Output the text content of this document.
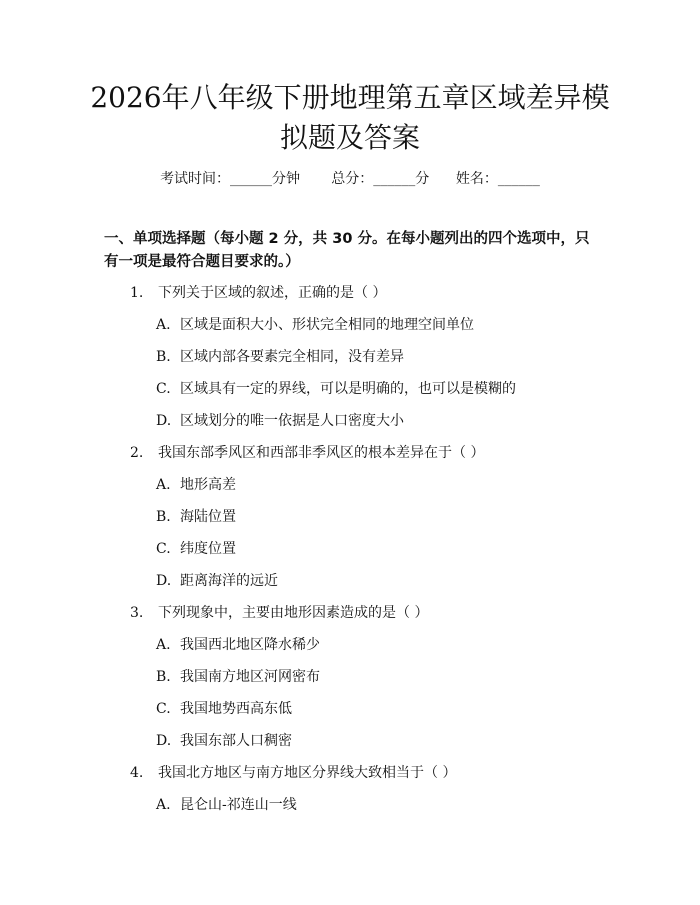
2026年八年级下册地理第五章区域差异模拟题及答案
考试时间：______分钟 总分：______分 姓名：______
一、单项选择题（每小题 2 分，共 30 分。在每小题列出的四个选项中，只有一项是最符合题目要求的。）
1. 下列关于区域的叙述，正确的是（ ）
A. 区域是面积大小、形状完全相同的地理空间单位
B. 区域内部各要素完全相同，没有差异
C. 区域具有一定的界线，可以是明确的，也可以是模糊的
D. 区域划分的唯一依据是人口密度大小
2. 我国东部季风区和西部非季风区的根本差异在于（ ）
A. 地形高差
B. 海陆位置
C. 纬度位置
D. 距离海洋的远近
3. 下列现象中，主要由地形因素造成的是（ ）
A. 我国西北地区降水稀少
B. 我国南方地区河网密布
C. 我国地势西高东低
D. 我国东部人口稠密
4. 我国北方地区与南方地区分界线大致相当于（ ）
A. 昆仑山-祁连山一线
